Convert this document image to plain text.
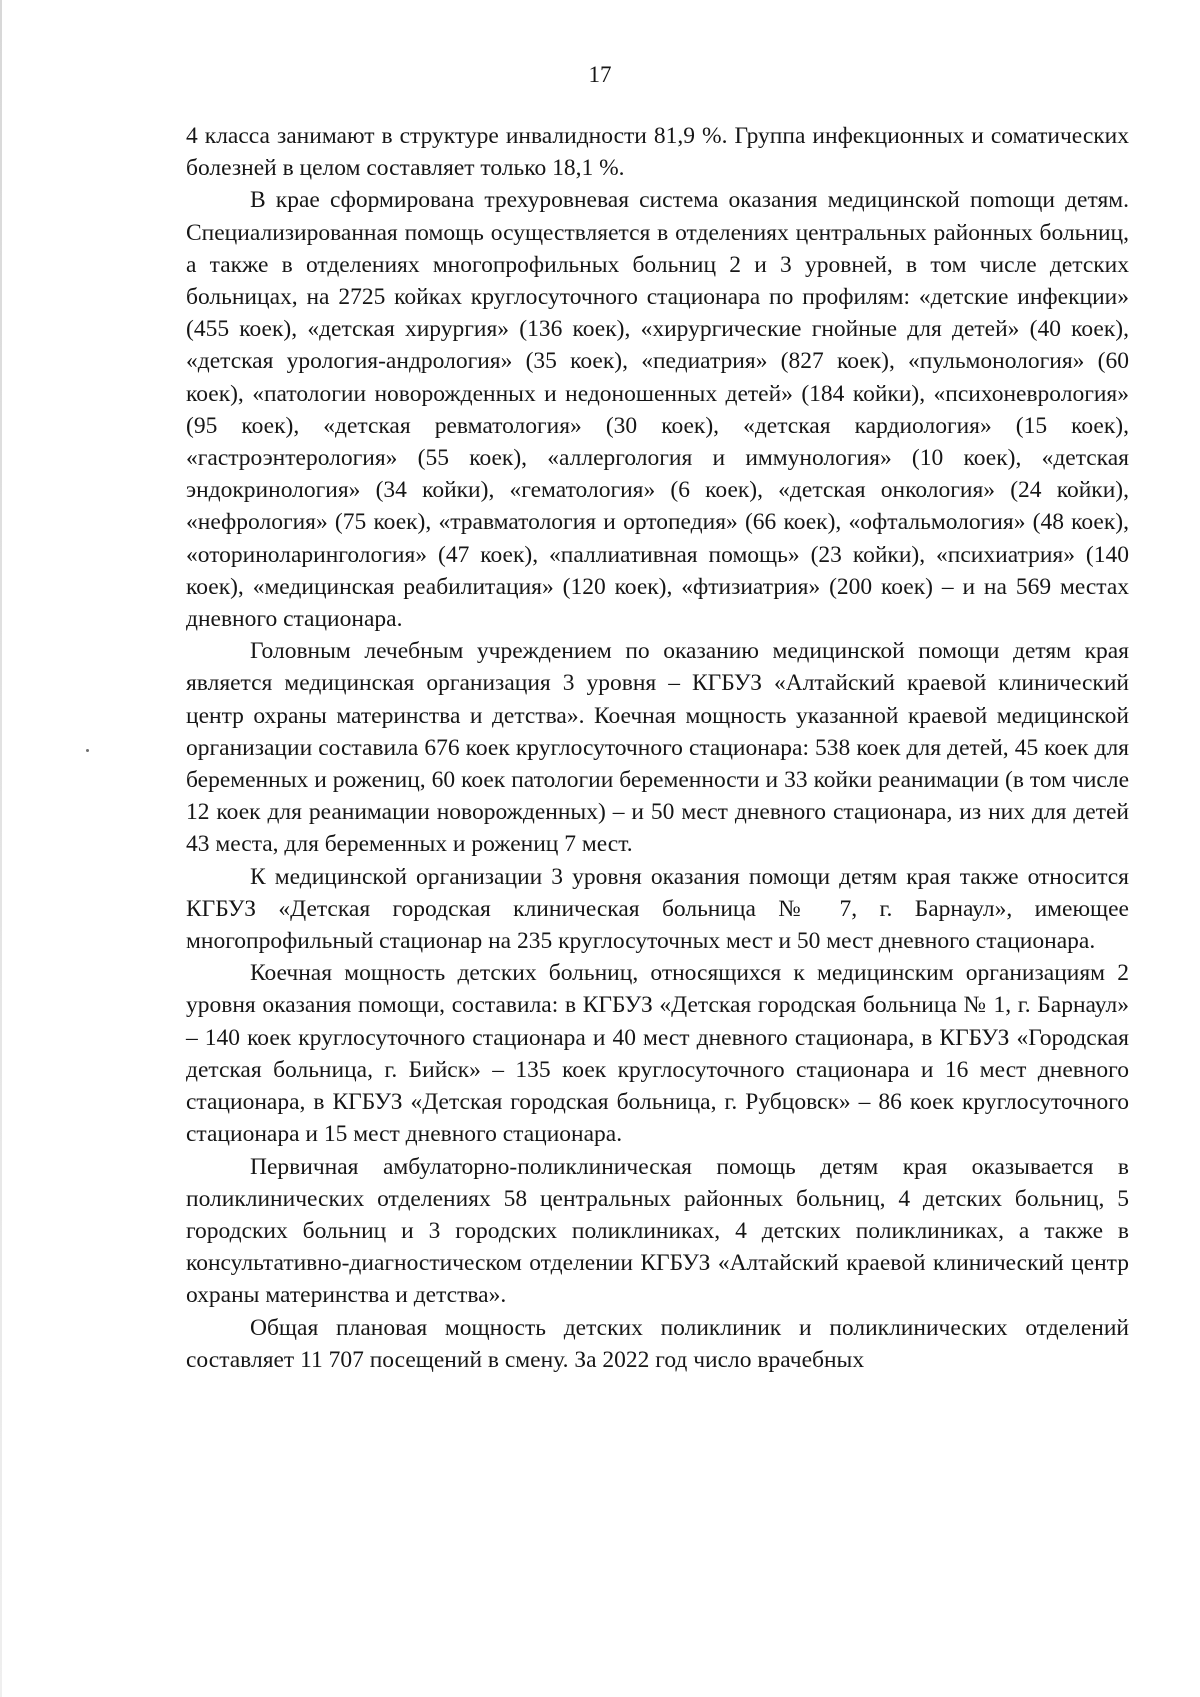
17

4 класса занимают в структуре инвалидности 81,9 %. Группа инфекционных и соматических болезней в целом составляет только 18,1 %.

В крае сформирована трехуровневая система оказания медицинской поmощи детям. Специализированная помощь осуществляется в отделениях центральных районных больниц, а также в отделениях многопрофильных больниц 2 и 3 уровней, в том числе детских больницах, на 2725 койках круглосуточного стационара по профилям: «детские инфекции» (455 коек), «детская хирургия» (136 коек), «хирургические гнойные для детей» (40 коек), «детская урология-андрология» (35 коек), «педиатрия» (827 коек), «пульмонология» (60 коек), «патологии новорожденных и недоношенных детей» (184 койки), «психоневрология» (95 коек), «детская ревматология» (30 коек), «детская кардиология» (15 коек), «гастроэнтерология» (55 коек), «аллергология и иммунология» (10 коек), «детская эндокринология» (34 койки), «гематология» (6 коек), «детская онкология» (24 койки), «нефрология» (75 коек), «травматология и ортопедия» (66 коек), «офтальмология» (48 коек), «оториноларингология» (47 коек), «паллиативная помощь» (23 койки), «психиатрия» (140 коек), «медицинская реабилитация» (120 коек), «фтизиатрия» (200 коек) – и на 569 местах дневного стационара.

Головным лечебным учреждением по оказанию медицинской помощи детям края является медицинская организация 3 уровня – КГБУЗ «Алтайский краевой клинический центр охраны материнства и детства». Коечная мощность указанной краевой медицинской организации составила 676 коек круглосуточного стационара: 538 коек для детей, 45 коек для беременных и рожениц, 60 коек патологии беременности и 33 койки реанимации (в том числе 12 коек для реанимации новорожденных) – и 50 мест дневного стационара, из них для детей 43 места, для беременных и рожениц 7 мест.

К медицинской организации 3 уровня оказания помощи детям края также относится КГБУЗ «Детская городская клиническая больница № 7, г. Барнаул», имеющее многопрофильный стационар на 235 круглосуточных мест и 50 мест дневного стационара.

Коечная мощность детских больниц, относящихся к медицинским организациям 2 уровня оказания помощи, составила: в КГБУЗ «Детская городская больница № 1, г. Барнаул» – 140 коек круглосуточного стационара и 40 мест дневного стационара, в КГБУЗ «Городская детская больница, г. Бийск» – 135 коек круглосуточного стационара и 16 мест дневного стационара, в КГБУЗ «Детская городская больница, г. Рубцовск» – 86 коек круглосуточного стационара и 15 мест дневного стационара.

Первичная амбулаторно-поликлиническая помощь детям края оказывается в поликлинических отделениях 58 центральных районных больниц, 4 детских больниц, 5 городских больниц и 3 городских поликлиниках, 4 детских поликлиниках, а также в консультативно-диагностическом отделении КГБУЗ «Алтайский краевой клинический центр охраны материнства и детства».

Общая плановая мощность детских поликлиник и поликлинических отделений составляет 11 707 посещений в смену. За 2022 год число врачебных
